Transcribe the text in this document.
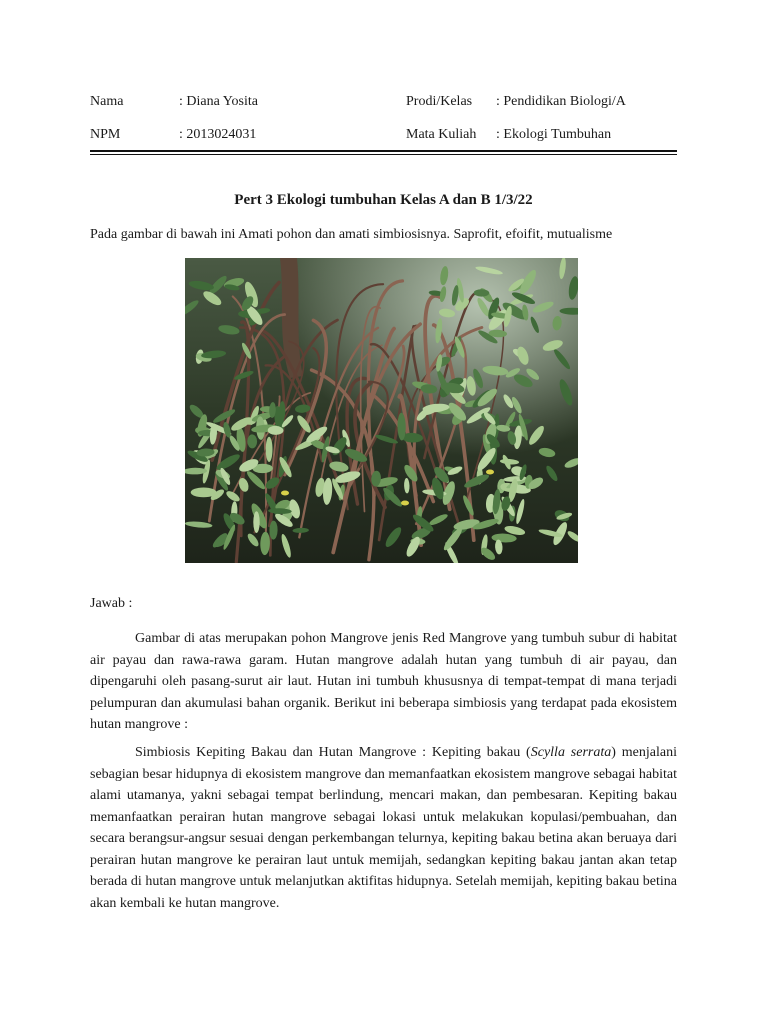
Nama	: Diana Yosita
NPM	: 2013024031
Prodi/Kelas : Pendidikan Biologi/A
Mata Kuliah : Ekologi Tumbuhan
Pert 3 Ekologi tumbuhan Kelas A dan B 1/3/22
Pada gambar di bawah ini Amati pohon dan amati simbiosisnya. Saprofit, efoifit, mutualisme
Jawab :

Gambar di atas merupakan pohon Mangrove jenis Red Mangrove yang tumbuh subur di habitat air payau dan rawa-rawa garam. Hutan mangrove adalah hutan yang tumbuh di air payau, dan dipengaruhi oleh pasang-surut air laut. Hutan ini tumbuh khususnya di tempat-tempat di mana terjadi pelumpuran dan akumulasi bahan organik. Berikut ini beberapa simbiosis yang terdapat pada ekosistem hutan mangrove :

Simbiosis Kepiting Bakau dan Hutan Mangrove : Kepiting bakau (Scylla serrata) menjalani sebagian besar hidupnya di ekosistem mangrove dan memanfaatkan ekosistem mangrove sebagai habitat alami utamanya, yakni sebagai tempat berlindung, mencari makan, dan pembesaran. Kepiting bakau memanfaatkan perairan hutan mangrove sebagai lokasi untuk melakukan kopulasi/pembuahan, dan secara berangsur-angsur sesuai dengan perkembangan telurnya, kepiting bakau betina akan beruaya dari perairan hutan mangrove ke perairan laut untuk memijah, sedangkan kepiting bakau jantan akan tetap berada di hutan mangrove untuk melanjutkan aktifitas hidupnya. Setelah memijah, kepiting bakau betina akan kembali ke hutan mangrove.
